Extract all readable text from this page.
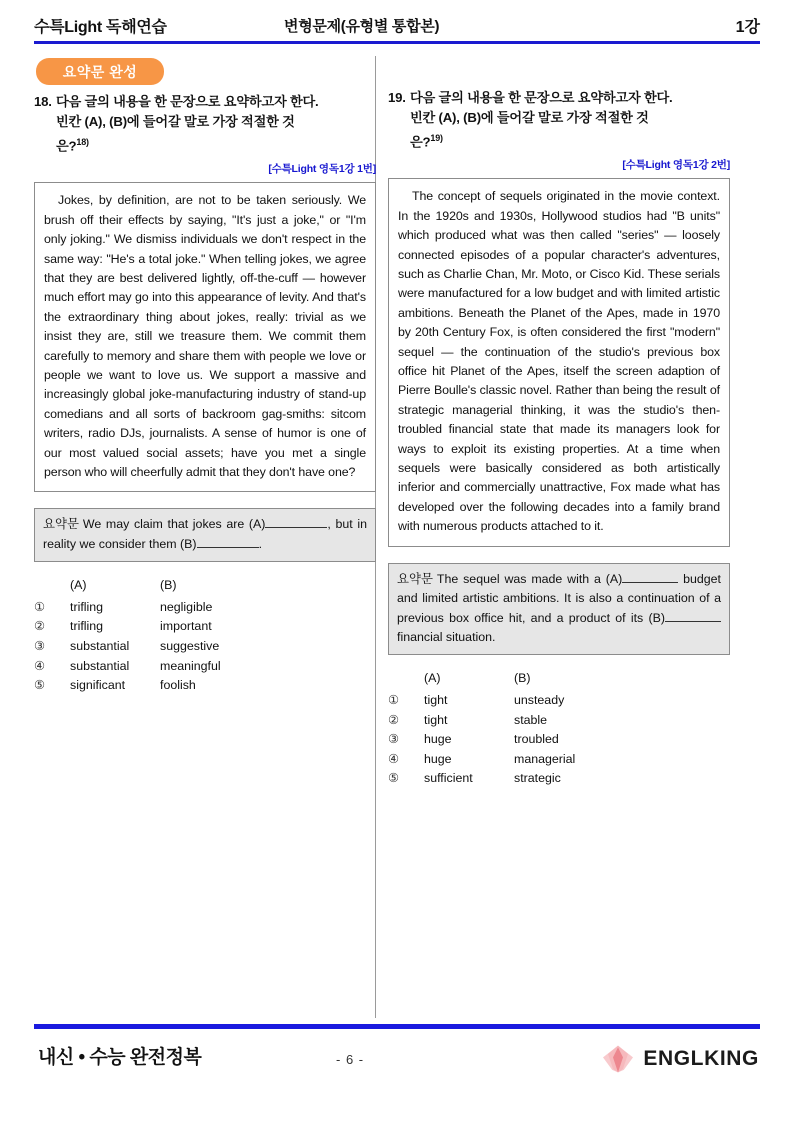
수특Light 독해연습	변형문제(유형별 통합본)	1강
요약문 완성
18. 다음 글의 내용을 한 문장으로 요약하고자 한다.
빈칸 (A), (B)에 들어갈 말로 가장 적절한 것
은?$^{18)}$
[수특Light 영독1강 1번]

Jokes, by definition, are not to be taken seriously. We brush off their effects by saying, "It's just a joke," or "I'm only joking." We dismiss individuals we don't respect in the same way: "He's a total joke." When telling jokes, we agree that they are best delivered lightly, off-the-cuff — however much effort may go into this appearance of levity. And that's the extraordinary thing about jokes, really: trivial as we insist they are, still we treasure them. We commit them carefully to memory and share them with people we love or people we want to love us. We support a massive and increasingly global joke-manufacturing industry of stand-up comedians and all sorts of backroom gag-smiths: sitcom writers, radio DJs, journalists. A sense of humor is one of our most valued social assets; have you met a single person who will cheerfully admit that they don't have one?

요약문 We may claim that jokes are (A)	, but in reality we consider them (B)	.
(A)	(B)
①	trifling	negligible
②	trifling	important
③	substantial	suggestive
④	substantial	meaningful
⑤	significant	foolish
19. 다음 글의 내용을 한 문장으로 요약하고자 한다.
빈칸 (A), (B)에 들어갈 말로 가장 적절한 것
은?$^{19)}$
[수특Light 영독1강 2번]

The concept of sequels originated in the movie context. In the 1920s and 1930s, Hollywood studios had "B units" which produced what was then called "series" — loosely connected episodes of a popular character's adventures, such as Charlie Chan, Mr. Moto, or Cisco Kid. These serials were manufactured for a low budget and with limited artistic ambitions. Beneath the Planet of the Apes, made in 1970 by 20th Century Fox, is often considered the first "modern" sequel — the continuation of the studio's previous box office hit Planet of the Apes, itself the screen adaption of Pierre Boulle's classic novel. Rather than being the result of strategic managerial thinking, it was the studio's then-troubled financial state that made its managers look for ways to exploit its existing properties. At a time when sequels were basically considered as both artistically inferior and commercially unattractive, Fox made what has developed over the following decades into a family brand with numerous products attached to it.

요약문 The sequel was made with a (A)	budget and limited artistic ambitions. It is also a continuation of a previous box office hit, and a product of its (B) financial situation.
(A)	(B)
①	tight	unsteady
②	tight	stable
③	huge	troubled
④	huge	managerial
⑤	sufficient	strategic
내신 • 수능 완전정복	- 6 -	ENGLKING
